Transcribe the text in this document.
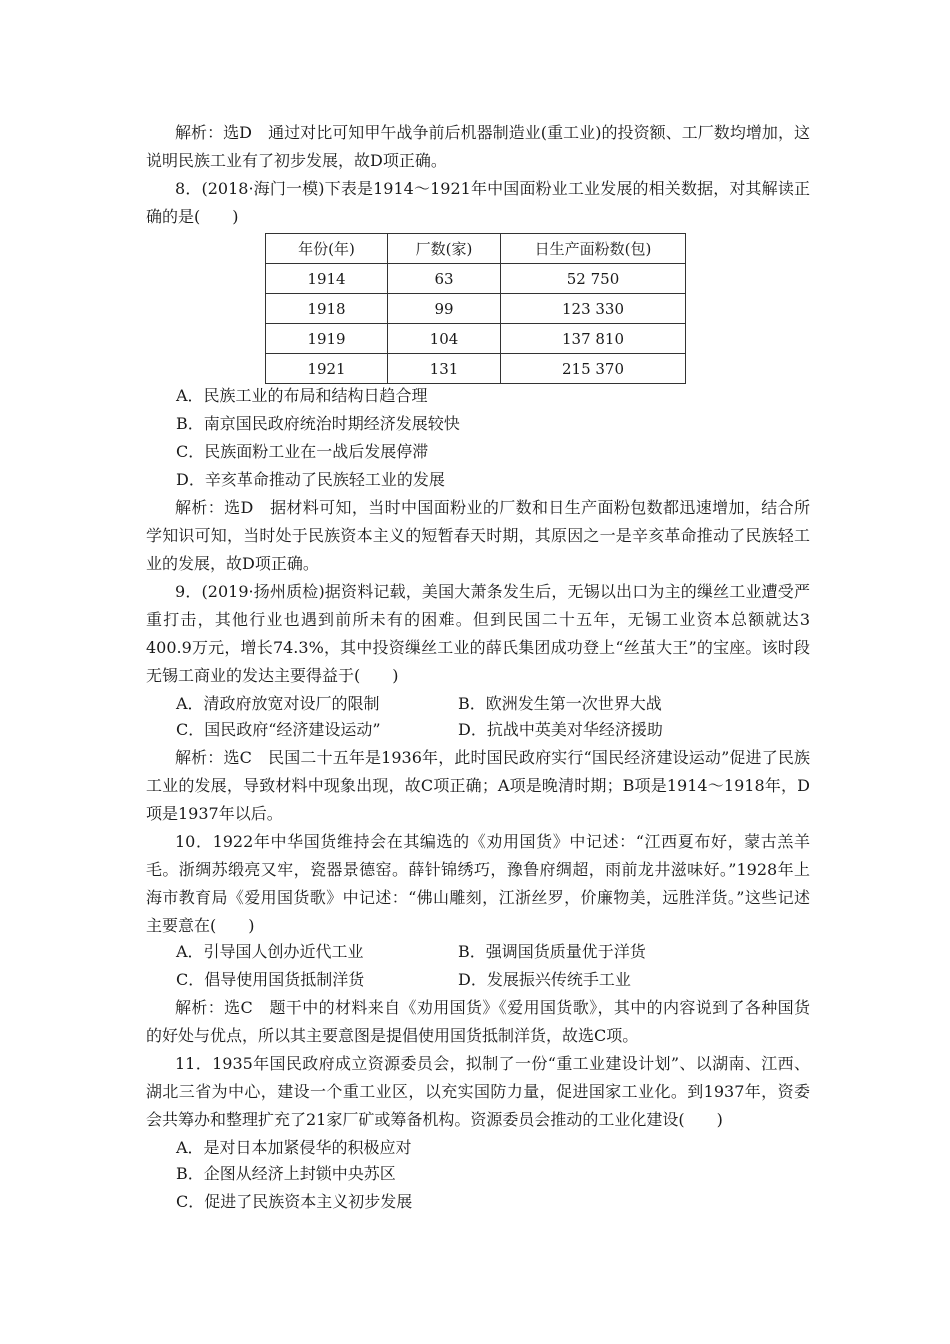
解析：选D　通过对比可知甲午战争前后机器制造业(重工业)的投资额、工厂数均增加，这说明民族工业有了初步发展，故D项正确。

8．(2018·海门一模)下表是1914～1921年中国面粉业工业发展的相关数据，对其解读正确的是(　　)

年份(年)	厂数(家)	日生产面粉数(包)
1914	63	52 750
1918	99	123 330
1919	104	137 810
1921	131	215 370

A．民族工业的布局和结构日趋合理

B．南京国民政府统治时期经济发展较快

C．民族面粉工业在一战后发展停滞

D．辛亥革命推动了民族轻工业的发展

解析：选D　据材料可知，当时中国面粉业的厂数和日生产面粉包数都迅速增加，结合所学知识可知，当时处于民族资本主义的短暂春天时期，其原因之一是辛亥革命推动了民族轻工业的发展，故D项正确。

9．(2019·扬州质检)据资料记载，美国大萧条发生后，无锡以出口为主的缫丝工业遭受严重打击，其他行业也遇到前所未有的困难。但到民国二十五年，无锡工业资本总额就达3 400.9万元，增长74.3%，其中投资缫丝工业的薛氏集团成功登上“丝茧大王”的宝座。该时段无锡工商业的发达主要得益于(　　)

A．清政府放宽对设厂的限制	B．欧洲发生第一次世界大战

C．国民政府“经济建设运动”	D．抗战中英美对华经济援助

解析：选C　民国二十五年是1936年，此时国民政府实行“国民经济建设运动”促进了民族工业的发展，导致材料中现象出现，故C项正确；A项是晚清时期；B项是1914～1918年，D项是1937年以后。

10．1922年中华国货维持会在其编选的《劝用国货》中记述：“江西夏布好，蒙古羔羊毛。浙绸苏缎亮又牢，瓷器景德窑。薛针锦绣巧，豫鲁府绸超，雨前龙井滋味好。”1928年上海市教育局《爱用国货歌》中记述：“佛山雕刻，江浙丝罗，价廉物美，远胜洋货。”这些记述主要意在(　　)

A．引导国人创办近代工业	B．强调国货质量优于洋货

C．倡导使用国货抵制洋货	D．发展振兴传统手工业

解析：选C　题干中的材料来自《劝用国货》《爱用国货歌》，其中的内容说到了各种国货的好处与优点，所以其主要意图是提倡使用国货抵制洋货，故选C项。

11．1935年国民政府成立资源委员会，拟制了一份“重工业建设计划”、以湖南、江西、湖北三省为中心，建设一个重工业区，以充实国防力量，促进国家工业化。到1937年，资委会共筹办和整理扩充了21家厂矿或筹备机构。资源委员会推动的工业化建设(　　)

A．是对日本加紧侵华的积极应对

B．企图从经济上封锁中央苏区

C．促进了民族资本主义初步发展
